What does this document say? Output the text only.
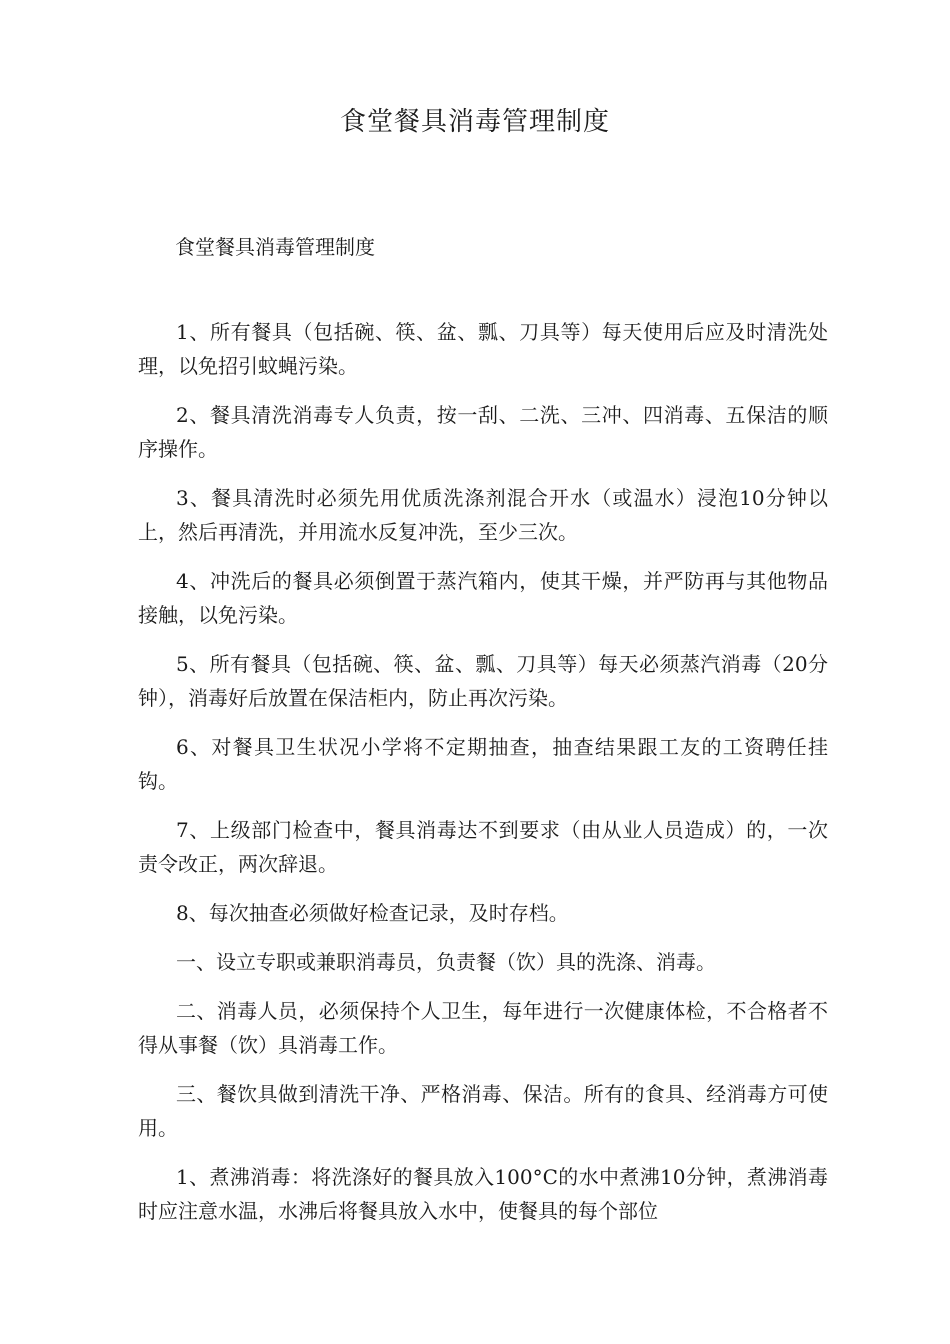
食堂餐具消毒管理制度
食堂餐具消毒管理制度

1、所有餐具（包括碗、筷、盆、瓢、刀具等）每天使用后应及时清洗处理，以免招引蚊蝇污染。

2、餐具清洗消毒专人负责，按一刮、二洗、三冲、四消毒、五保洁的顺序操作。

3、餐具清洗时必须先用优质洗涤剂混合开水（或温水）浸泡10分钟以上，然后再清洗，并用流水反复冲洗，至少三次。

4、冲洗后的餐具必须倒置于蒸汽箱内，使其干燥，并严防再与其他物品接触，以免污染。

5、所有餐具（包括碗、筷、盆、瓢、刀具等）每天必须蒸汽消毒（20分钟），消毒好后放置在保洁柜内，防止再次污染。

6、对餐具卫生状况小学将不定期抽查，抽查结果跟工友的工资聘任挂钩。

7、上级部门检查中，餐具消毒达不到要求（由从业人员造成）的，一次责令改正，两次辞退。

8、每次抽查必须做好检查记录，及时存档。

一、设立专职或兼职消毒员，负责餐（饮）具的洗涤、消毒。

二、消毒人员，必须保持个人卫生，每年进行一次健康体检，不合格者不得从事餐（饮）具消毒工作。

三、餐饮具做到清洗干净、严格消毒、保洁。所有的食具、经消毒方可使用。

1、煮沸消毒：将洗涤好的餐具放入100°C的水中煮沸10分钟，煮沸消毒时应注意水温，水沸后将餐具放入水中，使餐具的每个部位
